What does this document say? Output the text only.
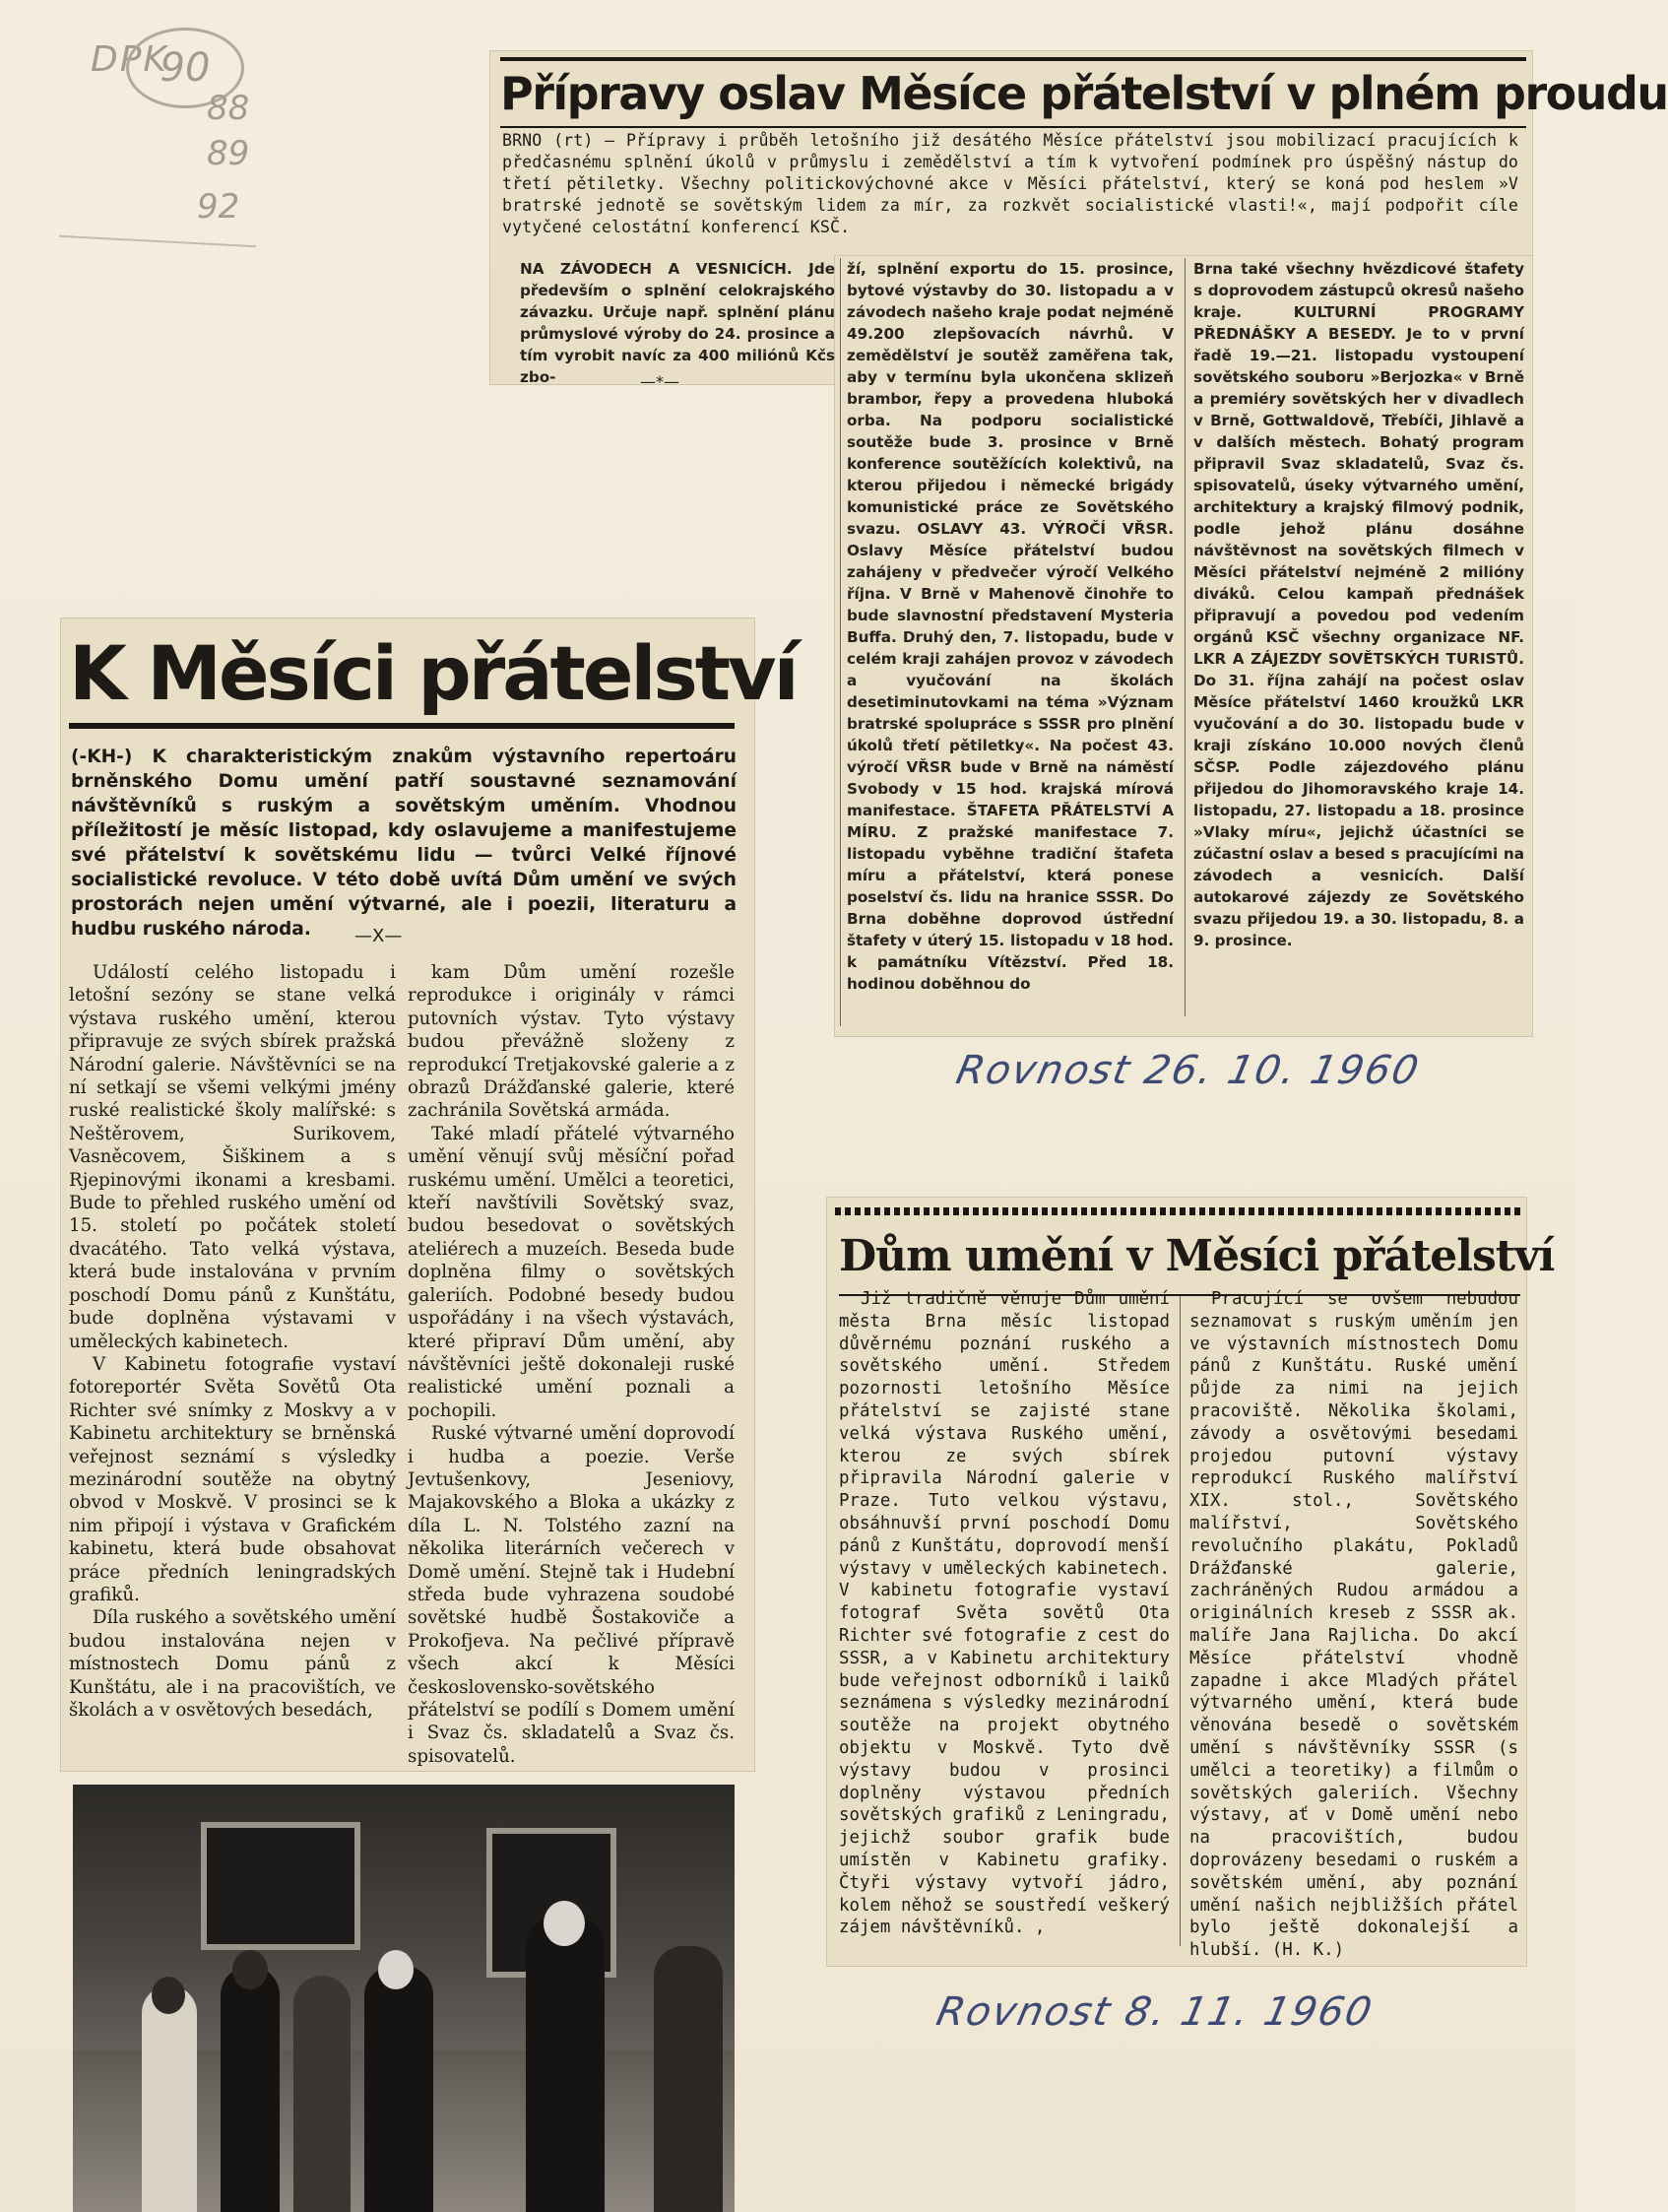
DPK
90
88
89
92
Přípravy oslav Měsíce přátelství v plném proudu
BRNO (rt) — Přípravy i průběh letošního již desátého Měsíce přátelství jsou mobilizací pracujících k předčasnému splnění úkolů v průmyslu i zemědělství a tím k vytvoření podmínek pro úspěšný nástup do třetí pětiletky. Všechny politickovýchovné akce v Měsíci přátelství, který se koná pod heslem »V bratrské jednotě se sovětským lidem za mír, za rozkvět socialistické vlasti!«, mají podpořit cíle vytyčené celostátní konferencí KSČ.
NA ZÁVODECH A VESNICÍCH. Jde především o splnění celokrajského závazku. Určuje např. splnění plánu průmyslové výroby do 24. prosince a tím vyrobit navíc za 400 miliónů Kčs zbo-	—*—
ží, splnění exportu do 15. prosince, bytové výstavby do 30. listopadu a v závodech našeho kraje podat nejméně 49.200 zlepšovacích návrhů. V zemědělství je soutěž zaměřena tak, aby v termínu byla ukončena sklizeň brambor, řepy a provedena hluboká orba. Na podporu socialistické soutěže bude 3. prosince v Brně konference soutěžících kolektivů, na kterou přijedou i německé brigády komunistické práce ze Sovětského svazu. OSLAVY 43. VÝROČÍ VŘSR. Oslavy Měsíce přátelství budou zahájeny v předvečer výročí Velkého října. V Brně v Mahenově činohře to bude slavnostní představení Mysteria Buffa. Druhý den, 7. listopadu, bude v celém kraji zahájen provoz v závodech a vyučování na školách desetiminutovkami na téma »Význam bratrské spolupráce s SSSR pro plnění úkolů třetí pětiletky«. Na počest 43. výročí VŘSR bude v Brně na náměstí Svobody v 15 hod. krajská mírová manifestace. ŠTAFETA PŘÁTELSTVÍ A MÍRU. Z pražské manifestace 7. listopadu vyběhne tradiční štafeta míru a přátelství, která ponese poselství čs. lidu na hranice SSSR. Do Brna doběhne doprovod ústřední štafety v úterý 15. listopadu v 18 hod. k památníku Vítězství. Před 18. hodinou doběhnou do
Brna také všechny hvězdicové štafety s doprovodem zástupců okresů našeho kraje. KULTURNÍ PROGRAMY PŘEDNÁŠKY A BESEDY. Je to v první řadě 19.—21. listopadu vystoupení sovětského souboru »Berjozka« v Brně a premiéry sovětských her v divadlech v Brně, Gottwaldově, Třebíči, Jihlavě a v dalších městech. Bohatý program připravil Svaz skladatelů, Svaz čs. spisovatelů, úseky výtvarného umění, architektury a krajský filmový podnik, podle jehož plánu dosáhne návštěvnost na sovětských filmech v Měsíci přátelství nejméně 2 milióny diváků. Celou kampaň přednášek připravují a povedou pod vedením orgánů KSČ všechny organizace NF. LKR A ZÁJEZDY SOVĚTSKÝCH TURISTŮ. Do 31. října zahájí na počest oslav Měsíce přátelství 1460 kroužků LKR vyučování a do 30. listopadu bude v kraji získáno 10.000 nových členů SČSP. Podle zájezdového plánu přijedou do Jihomoravského kraje 14. listopadu, 27. listopadu a 18. prosince »Vlaky míru«, jejichž účastníci se zúčastní oslav a besed s pracujícími na závodech a vesnicích. Další autokarové zájezdy ze Sovětského svazu přijedou 19. a 30. listopadu, 8. a 9. prosince.
Rovnost 26. 10. 1960
K Měsíci přátelství
(-KH-) K charakteristickým znakům výstavního repertoáru brněnského Domu umění patří soustavné seznamování návštěvníků s ruským a sovětským uměním. Vhodnou příležitostí je měsíc listopad, kdy oslavujeme a manifestujeme své přátelství k sovětskému lidu — tvůrci Velké říjnové socialistické revoluce. V této době uvítá Dům umění ve svých prostorách nejen umění výtvarné, ale i poezii, literaturu a hudbu ruského národa.	—X—

Událostí celého listopadu i letošní sezóny se stane velká výstava ruského umění, kterou připravuje ze svých sbírek pražská Národní galerie. Návštěvníci se na ní setkají se všemi velkými jmény ruské realistické školy malířské: s Neštěrovem, Surikovem, Vasněcovem, Šiškinem a s Rjepinovými ikonami a kresbami. Bude to přehled ruského umění od 15. století po počátek století dvacátého. Tato velká výstava, která bude instalována v prvním poschodí Domu pánů z Kunštátu, bude doplněna výstavami v uměleckých kabinetech.

V Kabinetu fotografie vystaví fotoreportér Světa Sovětů Ota Richter své snímky z Moskvy a v Kabinetu architektury se brněnská veřejnost seznámí s výsledky mezinárodní soutěže na obytný obvod v Moskvě. V prosinci se k nim připojí i výstava v Grafickém kabinetu, která bude obsahovat práce předních leningradských grafiků.

Díla ruského a sovětského umění budou instalována nejen v místnostech Domu pánů z Kunštátu, ale i na pracovištích, ve školách a v osvětových besedách,

kam Dům umění rozešle reprodukce i originály v rámci putovních výstav. Tyto výstavy budou převážně složeny z reprodukcí Tretjakovské galerie a z obrazů Drážďanské galerie, které zachránila Sovětská armáda.

Také mladí přátelé výtvarného umění věnují svůj měsíční pořad ruskému umění. Umělci a teoretici, kteří navštívili Sovětský svaz, budou besedovat o sovětských ateliérech a muzeích. Beseda bude doplněna filmy o sovětských galeriích. Podobné besedy budou uspořádány i na všech výstavách, které připraví Dům umění, aby návštěvníci ještě dokonaleji ruské realistické umění poznali a pochopili.

Ruské výtvarné umění doprovodí i hudba a poezie. Verše Jevtušenkovy, Jeseniovy, Majakovského a Bloka a ukázky z díla L. N. Tolstého zazní na několika literárních večerech v Domě umění. Stejně tak i Hudební středa bude vyhrazena soudobé sovětské hudbě Šostakoviče a Prokofjeva. Na pečlivé přípravě všech akcí k Měsíci československo-sovětského přátelství se podílí s Domem umění i Svaz čs. skladatelů a Svaz čs. spisovatelů.

Dům umění v Měsíci přátelství

Již tradičně věnuje Dům umění města Brna měsíc listopad důvěrnému poznání ruského a sovětského umění. Středem pozornosti letošního Měsíce přátelství se zajisté stane velká výstava Ruského umění, kterou ze svých sbírek připravila Národní galerie v Praze. Tuto velkou výstavu, obsáhnuvší první poschodí Domu pánů z Kunštátu, doprovodí menší výstavy v uměleckých kabinetech. V kabinetu fotografie vystaví fotograf Světa sovětů Ota Richter své fotografie z cest do SSSR, a v Kabinetu architektury bude veřejnost odborníků i laiků seznámena s výsledky mezinárodní soutěže na projekt obytného objektu v Moskvě. Tyto dvě výstavy budou v prosinci doplněny výstavou předních sovětských grafiků z Leningradu, jejichž soubor grafik bude umístěn v Kabinetu grafiky. Čtyři výstavy vytvoří jádro, kolem něhož se soustředí veškerý zájem návštěvníků. ,

Pracující se ovšem nebudou seznamovat s ruským uměním jen ve výstavních místnostech Domu pánů z Kunštátu. Ruské umění půjde za nimi na jejich pracoviště. Několika školami, závody a osvětovými besedami projedou putovní výstavy reprodukcí Ruského malířství XIX. stol., Sovětského malířství, Sovětského revolučního plakátu, Pokladů Drážďanské galerie, zachráněných Rudou armádou a originálních kreseb z SSSR ak. malíře Jana Rajlicha. Do akcí Měsíce přátelství vhodně zapadne i akce Mladých přátel výtvarného umění, která bude věnována besedě o sovětském umění s návštěvníky SSSR (s umělci a teoretiky) a filmům o sovětských galeriích. Všechny výstavy, ať v Domě umění nebo na pracovištích, budou doprovázeny besedami o ruském a sovětském umění, aby poznání umění našich nejbližších přátel bylo ještě dokonalejší a hlubší. (H. K.)

Rovnost 8. 11. 1960
